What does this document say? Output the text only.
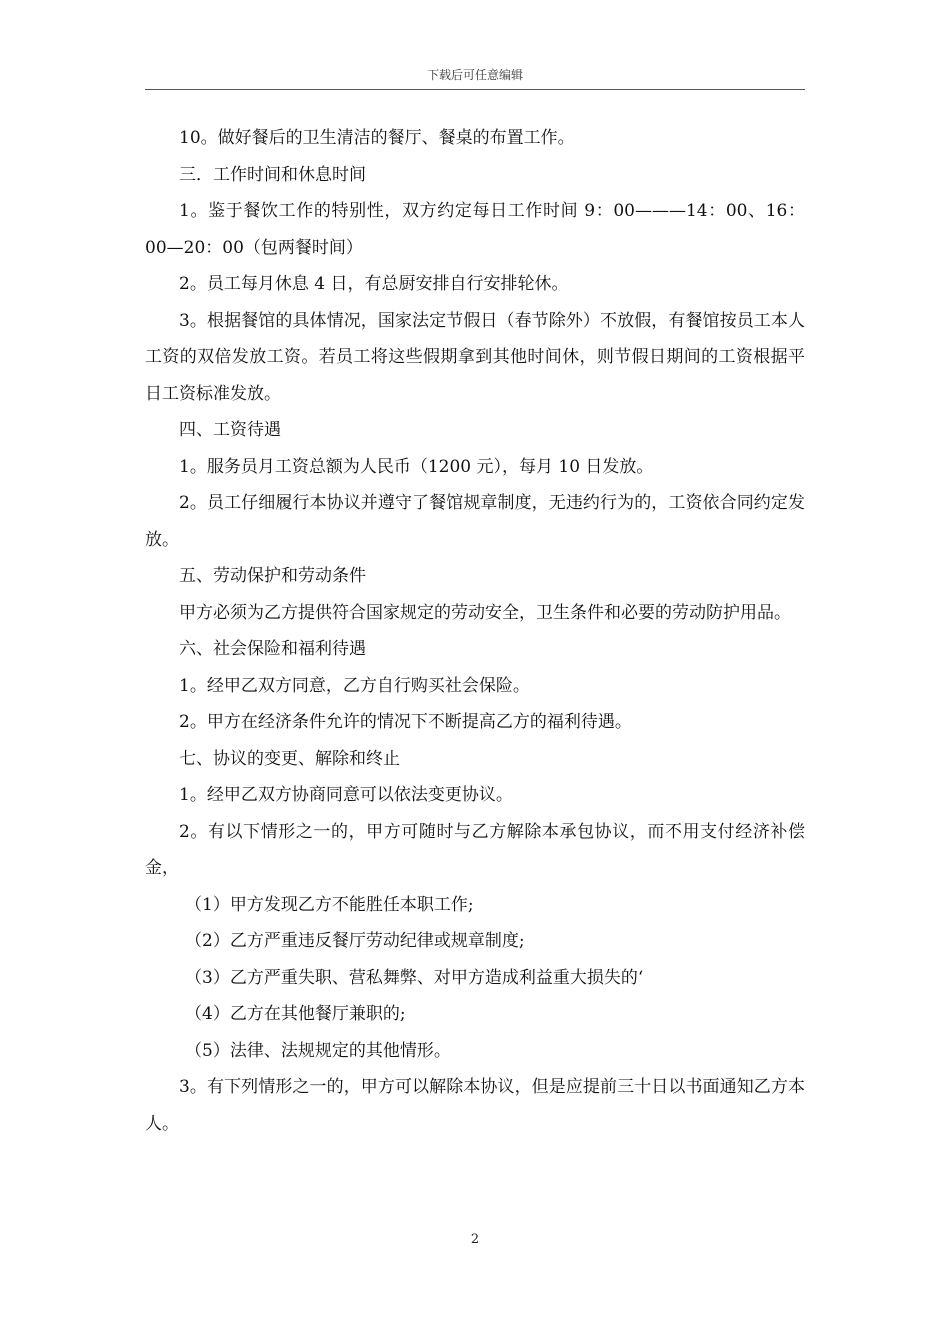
下载后可任意编辑

10。做好餐后的卫生清洁的餐厅、餐桌的布置工作。

三．工作时间和休息时间

1。鉴于餐饮工作的特别性，双方约定每日工作时间 9：00———14：00、16：00—20：00（包两餐时间）

2。员工每月休息 4 日，有总厨安排自行安排轮休。

3。根据餐馆的具体情况，国家法定节假日（春节除外）不放假，有餐馆按员工本人工资的双倍发放工资。若员工将这些假期拿到其他时间休，则节假日期间的工资根据平日工资标准发放。

四、工资待遇

1。服务员月工资总额为人民币（1200 元），每月 10 日发放。

2。员工仔细履行本协议并遵守了餐馆规章制度，无违约行为的，工资依合同约定发放。

五、劳动保护和劳动条件

甲方必须为乙方提供符合国家规定的劳动安全，卫生条件和必要的劳动防护用品。

六、社会保险和福利待遇

1。经甲乙双方同意，乙方自行购买社会保险。

2。甲方在经济条件允许的情况下不断提高乙方的福利待遇。

七、协议的变更、解除和终止

1。经甲乙双方协商同意可以依法变更协议。

2。有以下情形之一的，甲方可随时与乙方解除本承包协议，而不用支付经济补偿金，

（1）甲方发现乙方不能胜任本职工作;

（2）乙方严重违反餐厅劳动纪律或规章制度;

（3）乙方严重失职、营私舞弊、对甲方造成利益重大损失的‘

（4）乙方在其他餐厅兼职的;

（5）法律、法规规定的其他情形。

3。有下列情形之一的，甲方可以解除本协议，但是应提前三十日以书面通知乙方本人。

2
